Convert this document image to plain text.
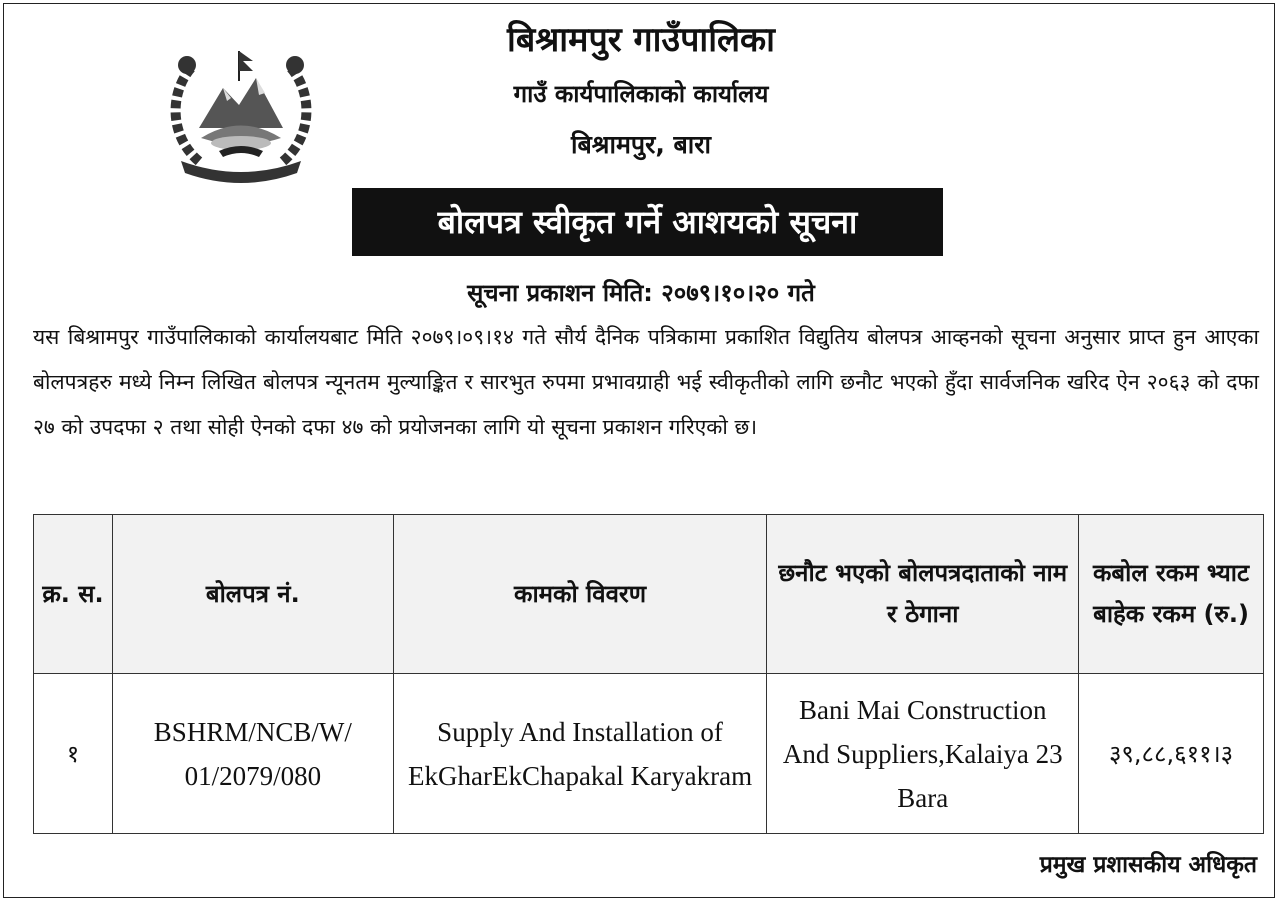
बिश्रामपुर गाउँपालिका
गाउँ कार्यपालिकाको कार्यालय
बिश्रामपुर, बारा
बोलपत्र स्वीकृत गर्ने आशयको सूचना
सूचना प्रकाशन मिति: २०७९।१०।२० गते
यस बिश्रामपुर गाउँपालिकाको कार्यालयबाट मिति २०७९।०९।१४ गते सौर्य दैनिक पत्रिकामा प्रकाशित विद्युतिय बोलपत्र आव्हनको सूचना अनुसार प्राप्त हुन आएका बोलपत्रहरु मध्ये निम्न लिखित बोलपत्र न्यूनतम मुल्याङ्कित र सारभुत रुपमा प्रभावग्राही भई स्वीकृतीको लागि छनौट भएको हुँदा सार्वजनिक खरिद ऐन २०६३ को दफा २७ को उपदफा २ तथा सोही ऐनको दफा ४७ को प्रयोजनका लागि यो सूचना प्रकाशन गरिएको छ।
क्र. स.	बोलपत्र नं.	कामको विवरण	छनौट भएको बोलपत्रदाताको नाम र ठेगाना	कबोल रकम भ्याट बाहेक रकम (रु.)
१	BSHRM/NCB/W/ 01/2079/080	Supply And Installation of EkGharEkChapakal Karyakram	Bani Mai Construction And Suppliers,Kalaiya 23 Bara	३९,८८,६११।३
प्रमुख प्रशासकीय अधिकृत
